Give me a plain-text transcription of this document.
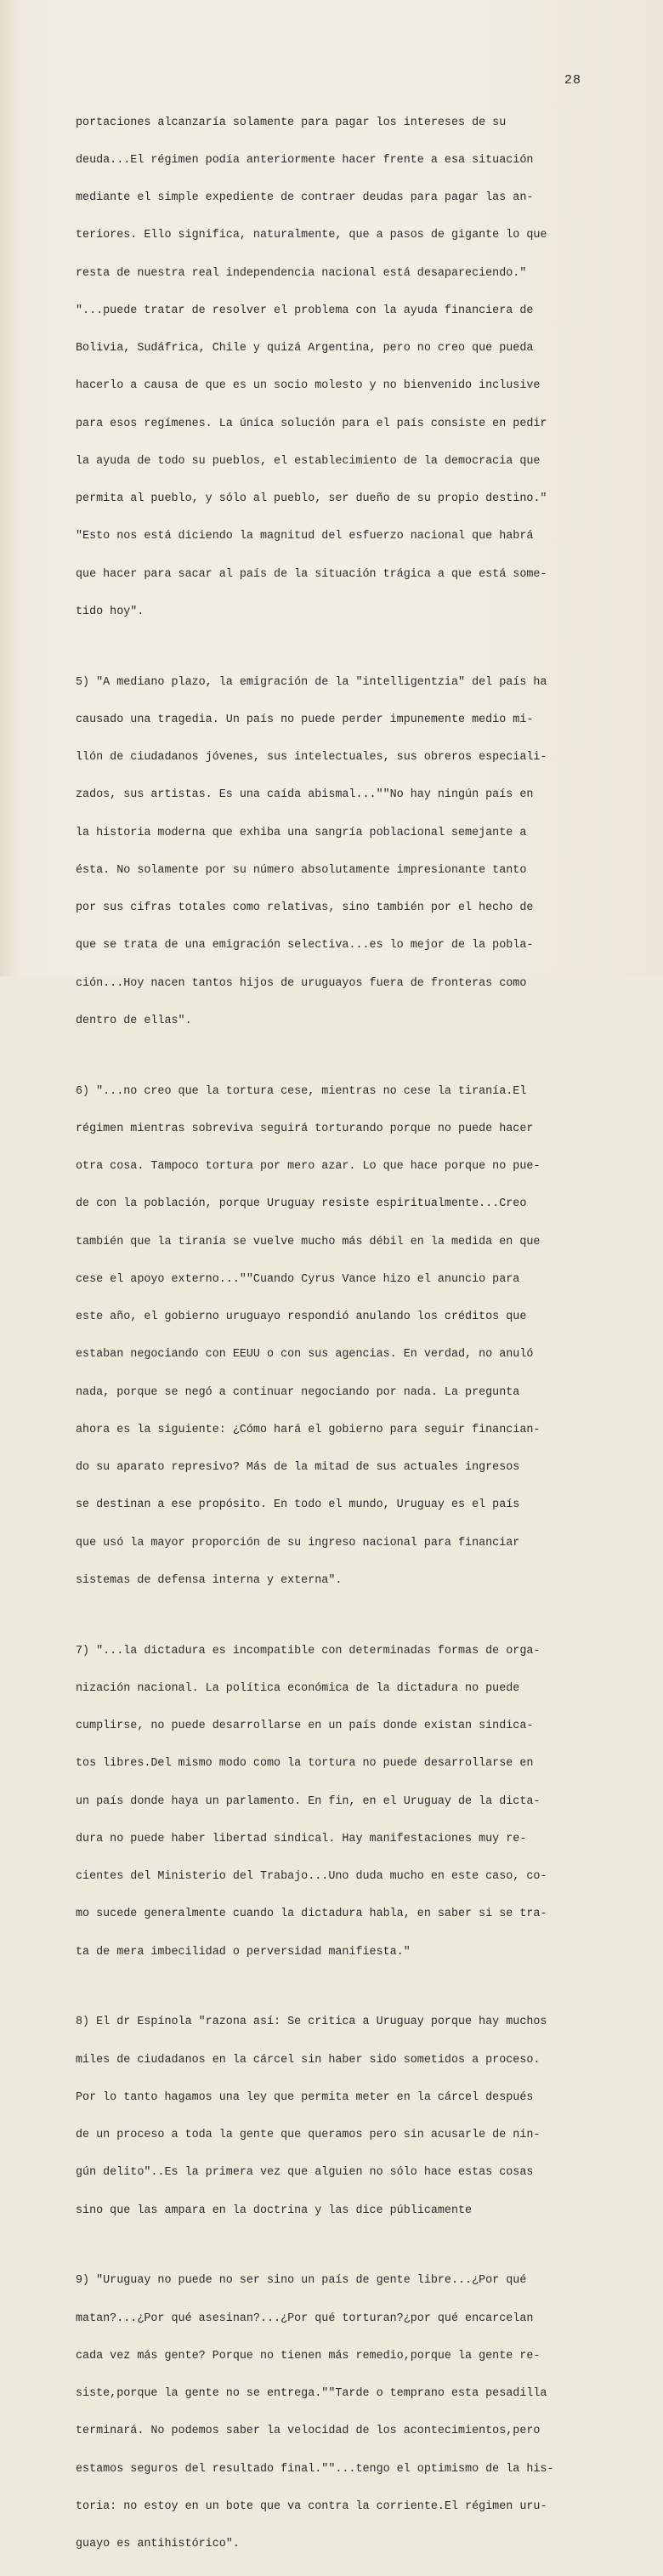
28

portaciones alcanzaría solamente para pagar los intereses de su

deuda...El régimen podía anteriormente hacer frente a esa situación

mediante el simple expediente de contraer deudas para pagar las an-

teriores. Ello significa, naturalmente, que a pasos de gigante lo que

resta de nuestra real independencia nacional está desapareciendo."

"...puede tratar de resolver el problema con la ayuda financiera de

Bolivia, Sudáfrica, Chile y quizá Argentina, pero no creo que pueda

hacerlo a causa de que es un socio molesto y no bienvenido inclusive

para esos regímenes. La única solución para el país consiste en pedir

la ayuda de todo su pueblos, el establecimiento de la democracia que

permita al pueblo, y sólo al pueblo, ser dueño de su propio destino."

"Esto nos está diciendo la magnitud del esfuerzo nacional que habrá

que hacer para sacar al país de la situación trágica a que está some-

tido hoy".

5) "A mediano plazo, la emigración de la "intelligentzia" del país ha

causado una tragedia. Un país no puede perder impunemente medio mi-

llón de ciudadanos jóvenes, sus intelectuales, sus obreros especiali-

zados, sus artistas. Es una caída abismal...""No hay ningún país en

la historia moderna que exhiba una sangría poblacional semejante a

ésta. No solamente por su número absolutamente impresionante tanto

por sus cifras totales como relativas, sino también por el hecho de

que se trata de una emigración selectiva...es lo mejor de la pobla-

ción...Hoy nacen tantos hijos de uruguayos fuera de fronteras como

dentro de ellas".

6) "...no creo que la tortura cese, mientras no cese la tiranía.El

régimen mientras sobreviva seguirá torturando porque no puede hacer

otra cosa. Tampoco tortura por mero azar. Lo que hace porque no pue-

de con la población, porque Uruguay resiste espiritualmente...Creo

también que la tiranía se vuelve mucho más débil en la medida en que

cese el apoyo externo...""Cuando Cyrus Vance hizo el anuncio para

este año, el gobierno uruguayo respondió anulando los créditos que

estaban negociando con EEUU o con sus agencias. En verdad, no anuló

nada, porque se negó a continuar negociando por nada. La pregunta

ahora es la siguiente: ¿Cómo hará el gobierno para seguir financian-

do su aparato represivo? Más de la mitad de sus actuales ingresos

se destinan a ese propósito. En todo el mundo, Uruguay es el país

que usó la mayor proporción de su ingreso nacional para financiar

sistemas de defensa interna y externa".

7) "...la dictadura es incompatible con determinadas formas de orga-

nización nacional. La política económica de la dictadura no puede

cumplirse, no puede desarrollarse en un país donde existan sindica-

tos libres.Del mismo modo como la tortura no puede desarrollarse en

un país donde haya un parlamento. En fin, en el Uruguay de la dicta-

dura no puede haber libertad sindical. Hay manifestaciones muy re-

cientes del Ministerio del Trabajo...Uno duda mucho en este caso, co-

mo sucede generalmente cuando la dictadura habla, en saber si se tra-

ta de mera imbecilidad o perversidad manifiesta."

8) El dr Espínola "razona así: Se critica a Uruguay porque hay muchos

miles de ciudadanos en la cárcel sin haber sido sometidos a proceso.

Por lo tanto hagamos una ley que permita meter en la cárcel después

de un proceso a toda la gente que queramos pero sin acusarle de nin-

gún delito"..Es la primera vez que alguien no sólo hace estas cosas

sino que las ampara en la doctrina y las dice públicamente

9) "Uruguay no puede no ser sino un país de gente libre...¿Por qué

matan?...¿Por qué asesinan?...¿Por qué torturan?¿por qué encarcelan

cada vez más gente? Porque no tienen más remedio,porque la gente re-

siste,porque la gente no se entrega.""Tarde o temprano esta pesadilla

terminará. No podemos saber la velocidad de los acontecimientos,pero

estamos seguros del resultado final.""...tengo el optimismo de la his-

toria: no estoy en un bote que va contra la corriente.El régimen uru-

guayo es antihistórico".
